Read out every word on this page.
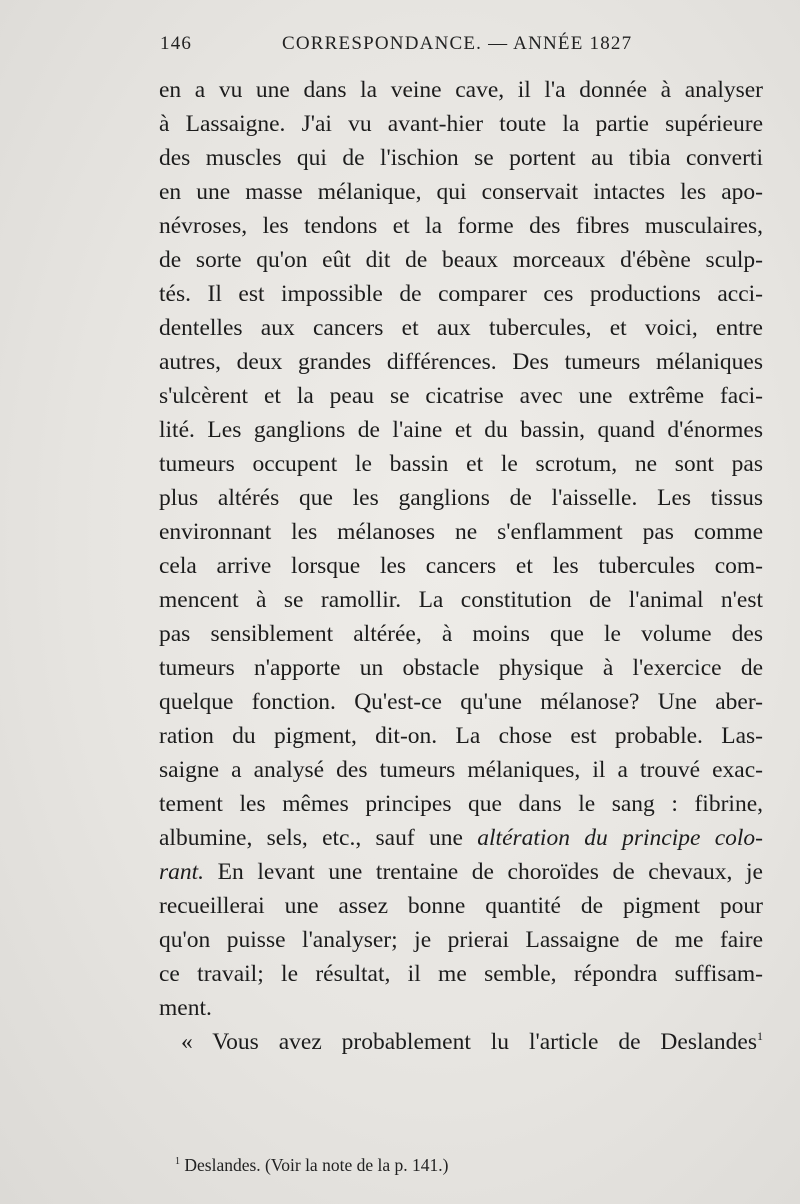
146	CORRESPONDANCE. — ANNÉE 1827
en a vu une dans la veine cave, il l'a donnée à analyser
à Lassaigne. J'ai vu avant-hier toute la partie supérieure
des muscles qui de l'ischion se portent au tibia converti
en une masse mélanique, qui conservait intactes les apo-
névroses, les tendons et la forme des fibres musculaires,
de sorte qu'on eût dit de beaux morceaux d'ébène sculp-
tés. Il est impossible de comparer ces productions acci-
dentelles aux cancers et aux tubercules, et voici, entre
autres, deux grandes différences. Des tumeurs mélaniques
s'ulcèrent et la peau se cicatrise avec une extrême faci-
lité. Les ganglions de l'aine et du bassin, quand d'énormes
tumeurs occupent le bassin et le scrotum, ne sont pas
plus altérés que les ganglions de l'aisselle. Les tissus
environnant les mélanoses ne s'enflamment pas comme
cela arrive lorsque les cancers et les tubercules com-
mencent à se ramollir. La constitution de l'animal n'est
pas sensiblement altérée, à moins que le volume des
tumeurs n'apporte un obstacle physique à l'exercice de
quelque fonction. Qu'est-ce qu'une mélanose? Une aber-
ration du pigment, dit-on. La chose est probable. Las-
saigne a analysé des tumeurs mélaniques, il a trouvé exac-
tement les mêmes principes que dans le sang : fibrine,
albumine, sels, etc., sauf une altération du principe colo-
rant. En levant une trentaine de choroïdes de chevaux, je
recueillerai une assez bonne quantité de pigment pour
qu'on puisse l'analyser; je prierai Lassaigne de me faire
ce travail; le résultat, il me semble, répondra suffisam-
ment.
« Vous avez probablement lu l'article de Deslandes$^1$
$^1$ Deslandes. (Voir la note de la p. 141.)
